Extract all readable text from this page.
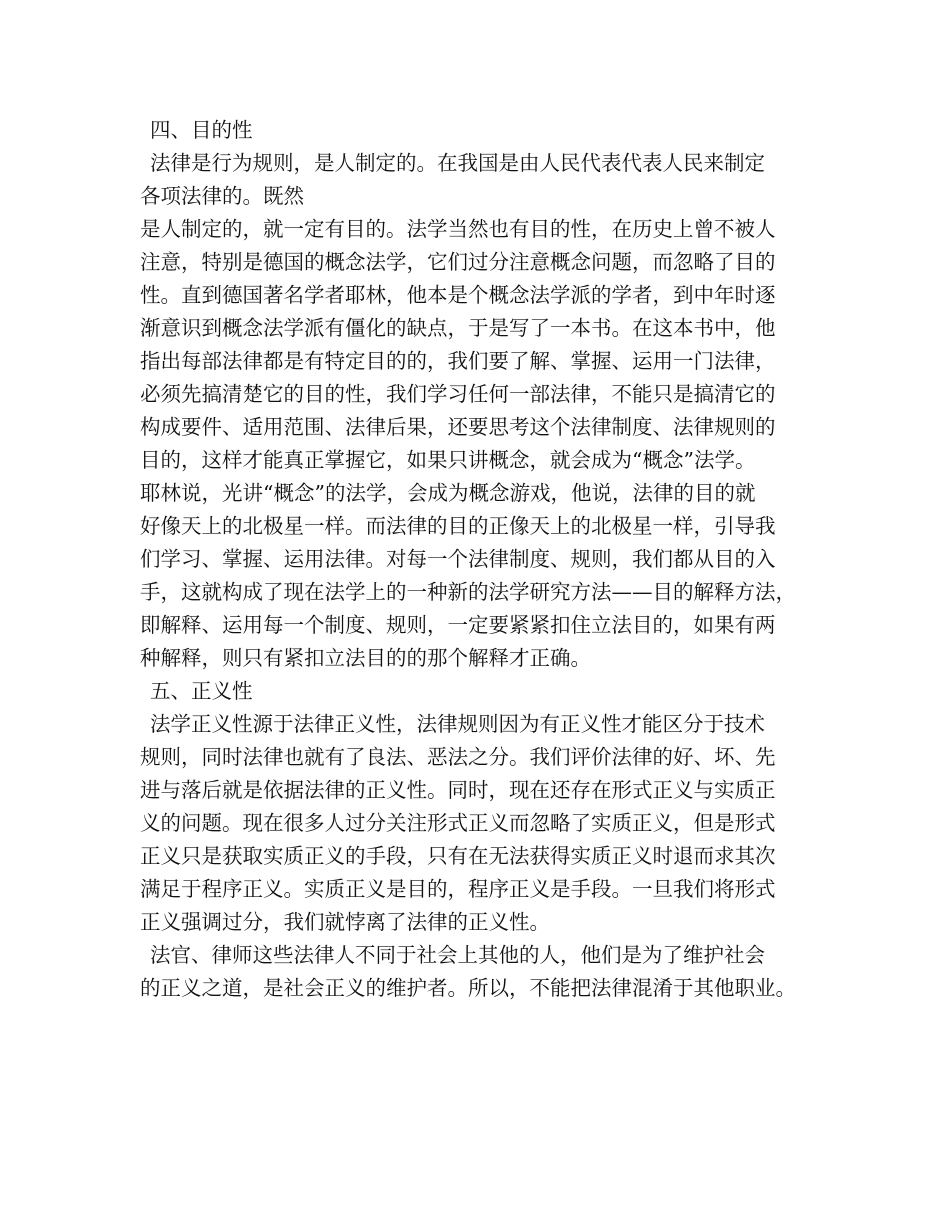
四、目的性
法律是行为规则，是人制定的。在我国是由人民代表代表人民来制定
各项法律的。既然
是人制定的，就一定有目的。法学当然也有目的性，在历史上曾不被人
注意，特别是德国的概念法学，它们过分注意概念问题，而忽略了目的
性。直到德国著名学者耶林，他本是个概念法学派的学者，到中年时逐
渐意识到概念法学派有僵化的缺点，于是写了一本书。在这本书中，他
指出每部法律都是有特定目的的，我们要了解、掌握、运用一门法律，
必须先搞清楚它的目的性，我们学习任何一部法律，不能只是搞清它的
构成要件、适用范围、法律后果，还要思考这个法律制度、法律规则的
目的，这样才能真正掌握它，如果只讲概念，就会成为“概念”法学。
耶林说，光讲“概念”的法学，会成为概念游戏，他说，法律的目的就
好像天上的北极星一样。而法律的目的正像天上的北极星一样，引导我
们学习、掌握、运用法律。对每一个法律制度、规则，我们都从目的入
手，这就构成了现在法学上的一种新的法学研究方法——目的解释方法，
即解释、运用每一个制度、规则，一定要紧紧扣住立法目的，如果有两
种解释，则只有紧扣立法目的的那个解释才正确。
五、正义性
法学正义性源于法律正义性，法律规则因为有正义性才能区分于技术
规则，同时法律也就有了良法、恶法之分。我们评价法律的好、坏、先
进与落后就是依据法律的正义性。同时，现在还存在形式正义与实质正
义的问题。现在很多人过分关注形式正义而忽略了实质正义，但是形式
正义只是获取实质正义的手段，只有在无法获得实质正义时退而求其次
满足于程序正义。实质正义是目的，程序正义是手段。一旦我们将形式
正义强调过分，我们就悖离了法律的正义性。
法官、律师这些法律人不同于社会上其他的人，他们是为了维护社会
的正义之道，是社会正义的维护者。所以，不能把法律混淆于其他职业。
